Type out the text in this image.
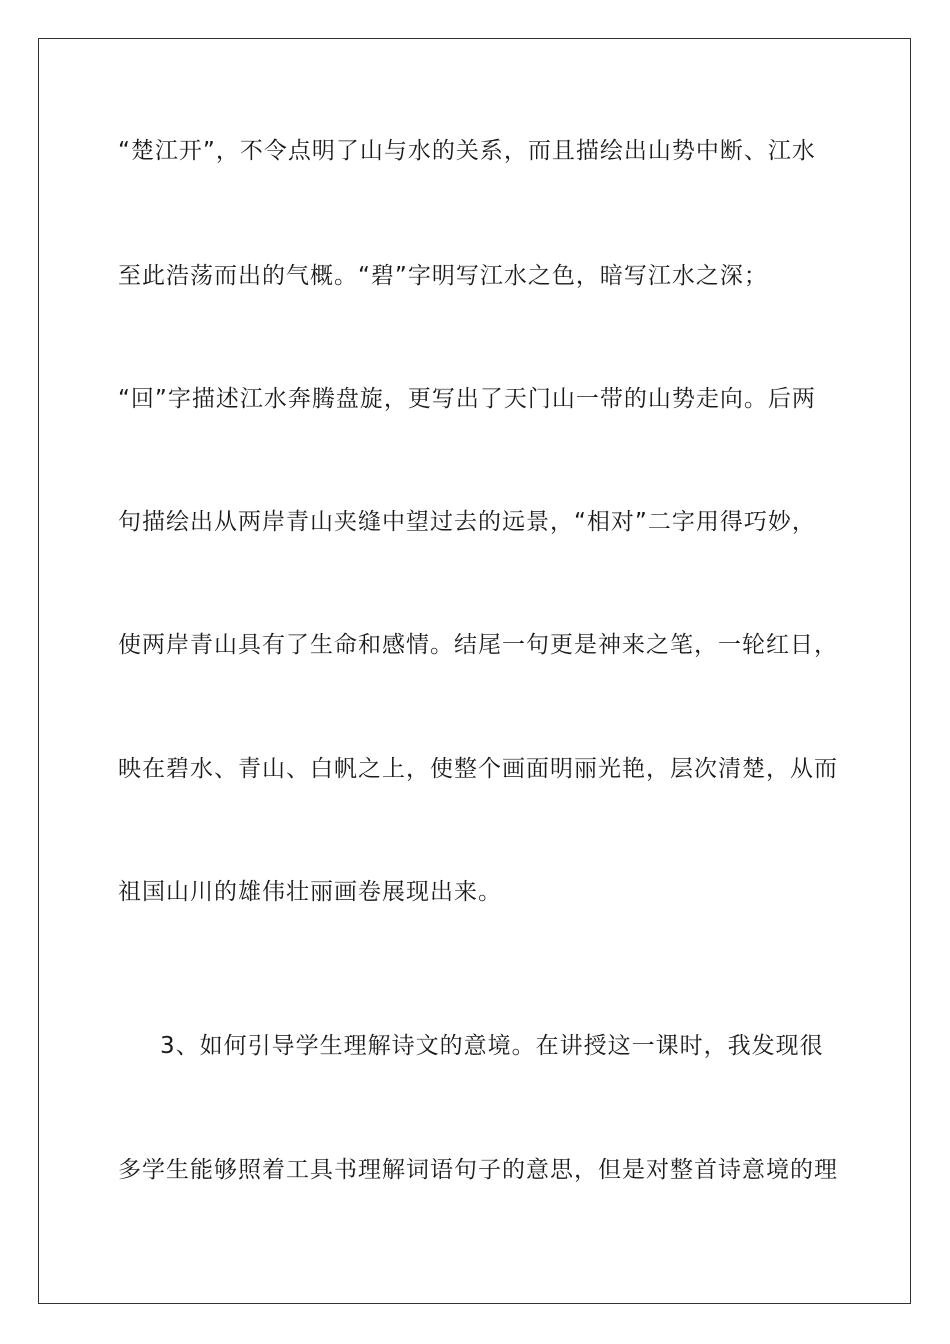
“楚江开”，不令点明了山与水的关系，而且描绘出山势中断、江水
至此浩荡而出的气概。“碧”字明写江水之色，暗写江水之深；
“回”字描述江水奔腾盘旋，更写出了天门山一带的山势走向。后两
句描绘出从两岸青山夹缝中望过去的远景，“相对”二字用得巧妙，
使两岸青山具有了生命和感情。结尾一句更是神来之笔，一轮红日，
映在碧水、青山、白帆之上，使整个画面明丽光艳，层次清楚，从而
祖国山川的雄伟壮丽画卷展现出来。
3、如何引导学生理解诗文的意境。在讲授这一课时，我发现很
多学生能够照着工具书理解词语句子的意思，但是对整首诗意境的理
